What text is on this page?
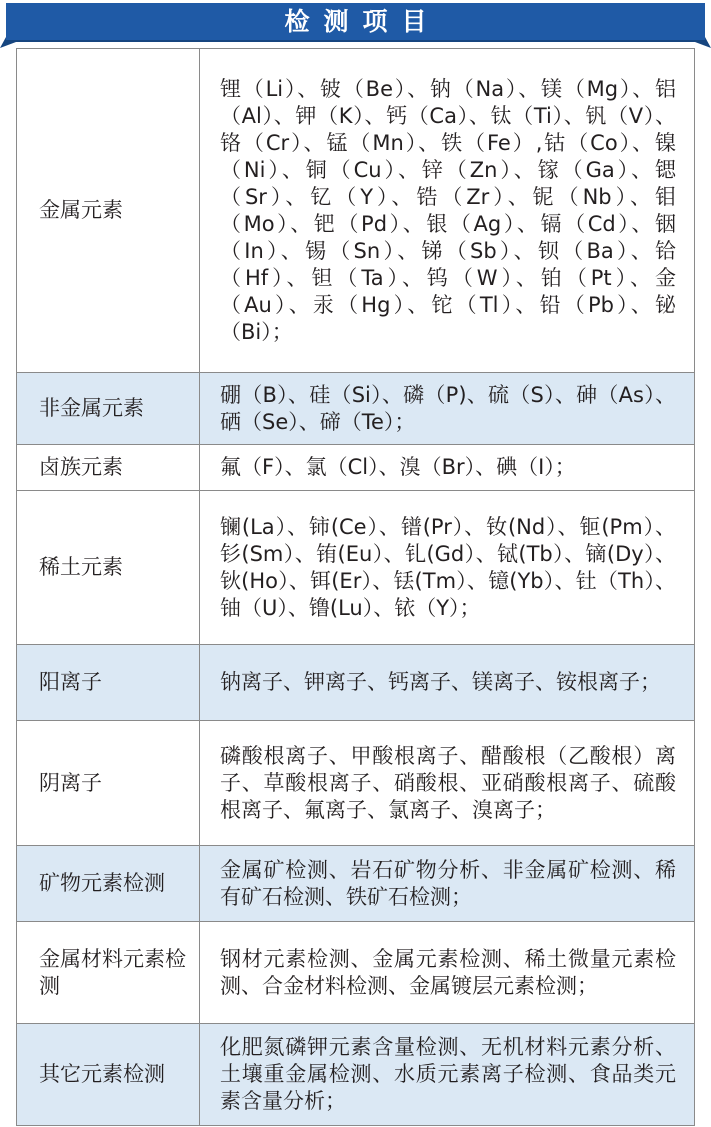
检测项目
金属元素	锂（Li）、铍（Be）、钠（Na）、镁（Mg）、铝（Al）、钾（K）、钙（Ca）、钛（Ti）、钒（V）、铬（Cr）、锰（Mn）、铁（Fe）,钴（Co）、镍（Ni）、铜（Cu）、锌（Zn）、镓（Ga）、锶（Sr）、钇（Y）、锆（Zr）、铌（Nb）、钼（Mo）、钯（Pd）、银（Ag）、镉（Cd）、铟（In）、锡（Sn）、锑（Sb）、钡（Ba）、铪（Hf）、钽（Ta）、钨（W）、铂（Pt）、金（Au）、汞（Hg）、铊（Tl）、铅（Pb）、铋（Bi）；
非金属元素	硼（B）、硅（Si）、磷（P)、硫（S）、砷（As）、硒（Se）、碲（Te）；
卤族元素	氟（F）、氯（Cl）、溴（Br）、碘（I）；
稀土元素	镧(La）、铈(Ce）、镨(Pr）、钕(Nd）、钷(Pm）、钐(Sm）、铕(Eu）、钆(Gd）、铽(Tb）、镝(Dy）、钬(Ho）、铒(Er）、铥(Tm）、镱(Yb）、钍（Th）、铀（U）、镥(Lu）、铱（Y）；
阳离子	钠离子、钾离子、钙离子、镁离子、铵根离子；
阴离子	磷酸根离子、甲酸根离子、醋酸根（乙酸根）离子、草酸根离子、硝酸根、亚硝酸根离子、硫酸根离子、氟离子、氯离子、溴离子；
矿物元素检测	金属矿检测、岩石矿物分析、非金属矿检测、稀有矿石检测、铁矿石检测；
金属材料元素检测	钢材元素检测、金属元素检测、稀土微量元素检测、合金材料检测、金属镀层元素检测；
其它元素检测	化肥氮磷钾元素含量检测、无机材料元素分析、土壤重金属检测、水质元素离子检测、食品类元素含量分析；
